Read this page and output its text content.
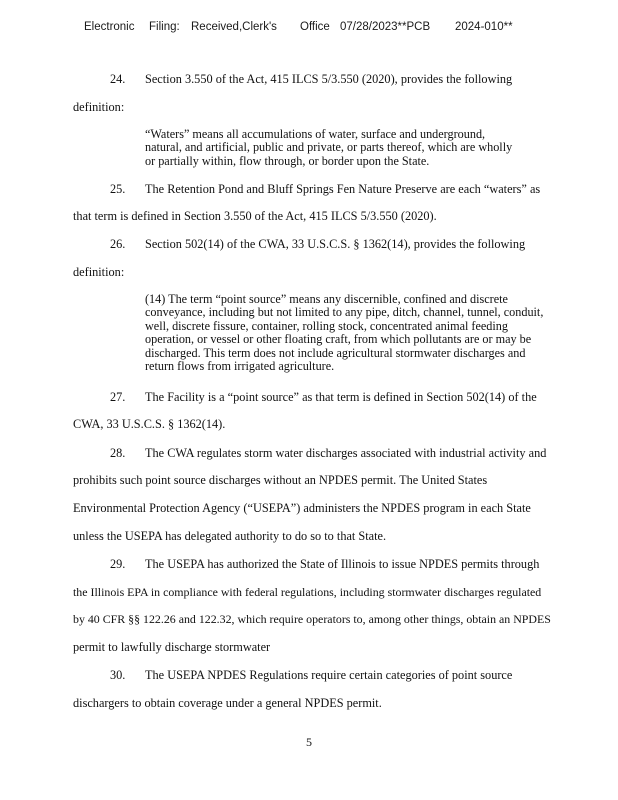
Electronic Filing: Received,Clerk's Office 07/28/2023**PCB 2024-010**
24. Section 3.550 of the Act, 415 ILCS 5/3.550 (2020), provides the following
definition:
“Waters” means all accumulations of water, surface and underground,
natural, and artificial, public and private, or parts thereof, which are wholly
or partially within, flow through, or border upon the State.
25. The Retention Pond and Bluff Springs Fen Nature Preserve are each “waters” as
that term is defined in Section 3.550 of the Act, 415 ILCS 5/3.550 (2020).
26. Section 502(14) of the CWA, 33 U.S.C.S. § 1362(14), provides the following
definition:
(14) The term “point source” means any discernible, confined and discrete
conveyance, including but not limited to any pipe, ditch, channel, tunnel, conduit,
well, discrete fissure, container, rolling stock, concentrated animal feeding
operation, or vessel or other floating craft, from which pollutants are or may be
discharged. This term does not include agricultural stormwater discharges and
return flows from irrigated agriculture.
27. The Facility is a “point source” as that term is defined in Section 502(14) of the
CWA, 33 U.S.C.S. § 1362(14).
28. The CWA regulates storm water discharges associated with industrial activity and
prohibits such point source discharges without an NPDES permit. The United States
Environmental Protection Agency (“USEPA”) administers the NPDES program in each State
unless the USEPA has delegated authority to do so to that State.
29. The USEPA has authorized the State of Illinois to issue NPDES permits through
the Illinois EPA in compliance with federal regulations, including stormwater discharges regulated
by 40 CFR §§ 122.26 and 122.32, which require operators to, among other things, obtain an NPDES
permit to lawfully discharge stormwater
30. The USEPA NPDES Regulations require certain categories of point source
dischargers to obtain coverage under a general NPDES permit.
5
